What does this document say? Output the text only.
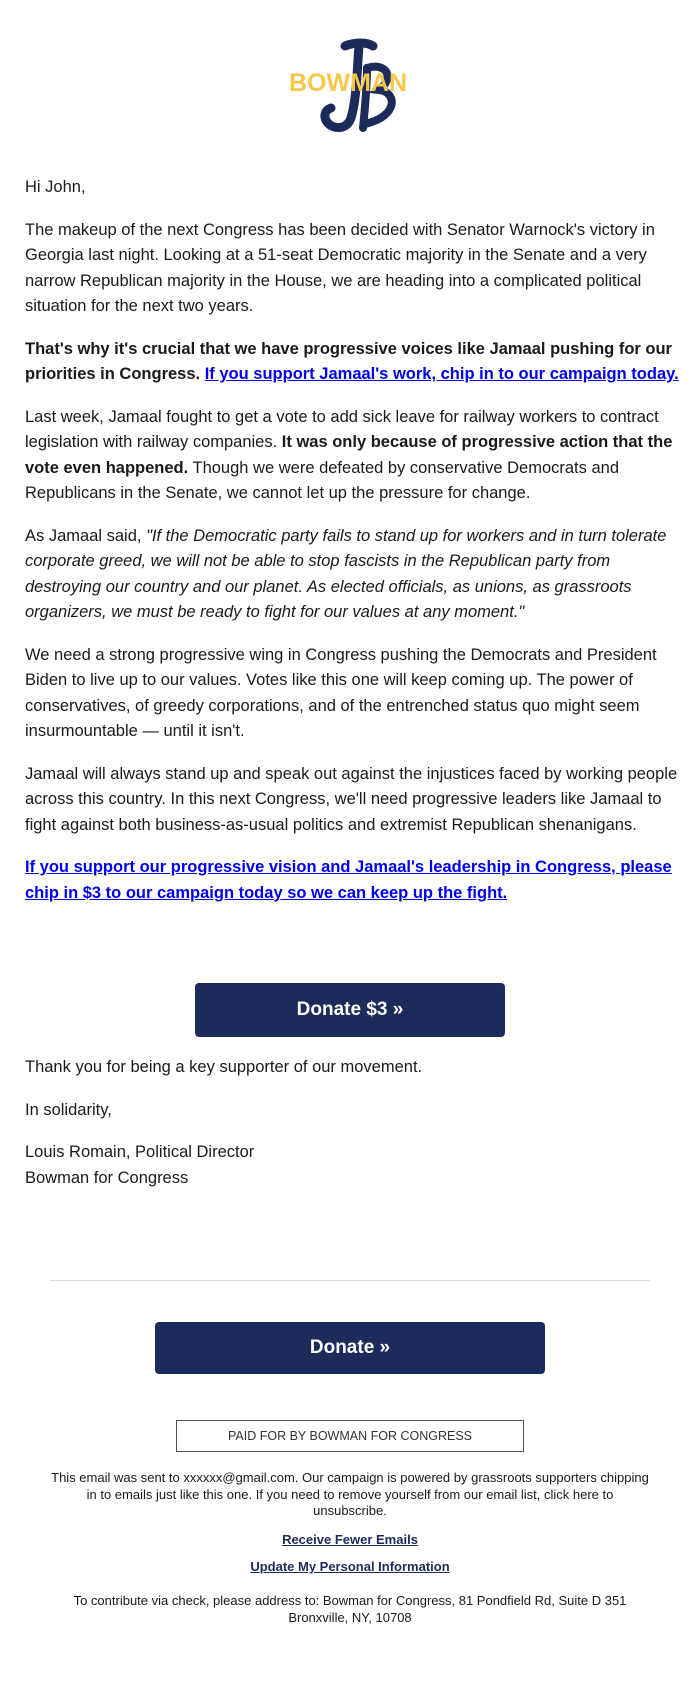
BOWMAN

Hi John,

The makeup of the next Congress has been decided with Senator Warnock's victory in Georgia last night. Looking at a 51-seat Democratic majority in the Senate and a very narrow Republican majority in the House, we are heading into a complicated political situation for the next two years.

That's why it's crucial that we have progressive voices like Jamaal pushing for our priorities in Congress. If you support Jamaal's work, chip in to our campaign today.

Last week, Jamaal fought to get a vote to add sick leave for railway workers to contract legislation with railway companies. It was only because of progressive action that the vote even happened. Though we were defeated by conservative Democrats and Republicans in the Senate, we cannot let up the pressure for change.

As Jamaal said, "If the Democratic party fails to stand up for workers and in turn tolerate corporate greed, we will not be able to stop fascists in the Republican party from destroying our country and our planet. As elected officials, as unions, as grassroots organizers, we must be ready to fight for our values at any moment."

We need a strong progressive wing in Congress pushing the Democrats and President Biden to live up to our values. Votes like this one will keep coming up. The power of conservatives, of greedy corporations, and of the entrenched status quo might seem insurmountable — until it isn't.

Jamaal will always stand up and speak out against the injustices faced by working people across this country. In this next Congress, we'll need progressive leaders like Jamaal to fight against both business-as-usual politics and extremist Republican shenanigans.

If you support our progressive vision and Jamaal's leadership in Congress, please chip in $3 to our campaign today so we can keep up the fight.

Donate $3 »

Thank you for being a key supporter of our movement.

In solidarity,

Louis Romain, Political Director
Bowman for Congress

Donate »
PAID FOR BY BOWMAN FOR CONGRESS
This email was sent to xxxxxx@gmail.com. Our campaign is powered by grassroots supporters chipping in to emails just like this one. If you need to remove yourself from our email list, click here to unsubscribe.
Receive Fewer Emails
Update My Personal Information
To contribute via check, please address to: Bowman for Congress, 81 Pondfield Rd, Suite D 351 Bronxville, NY, 10708
